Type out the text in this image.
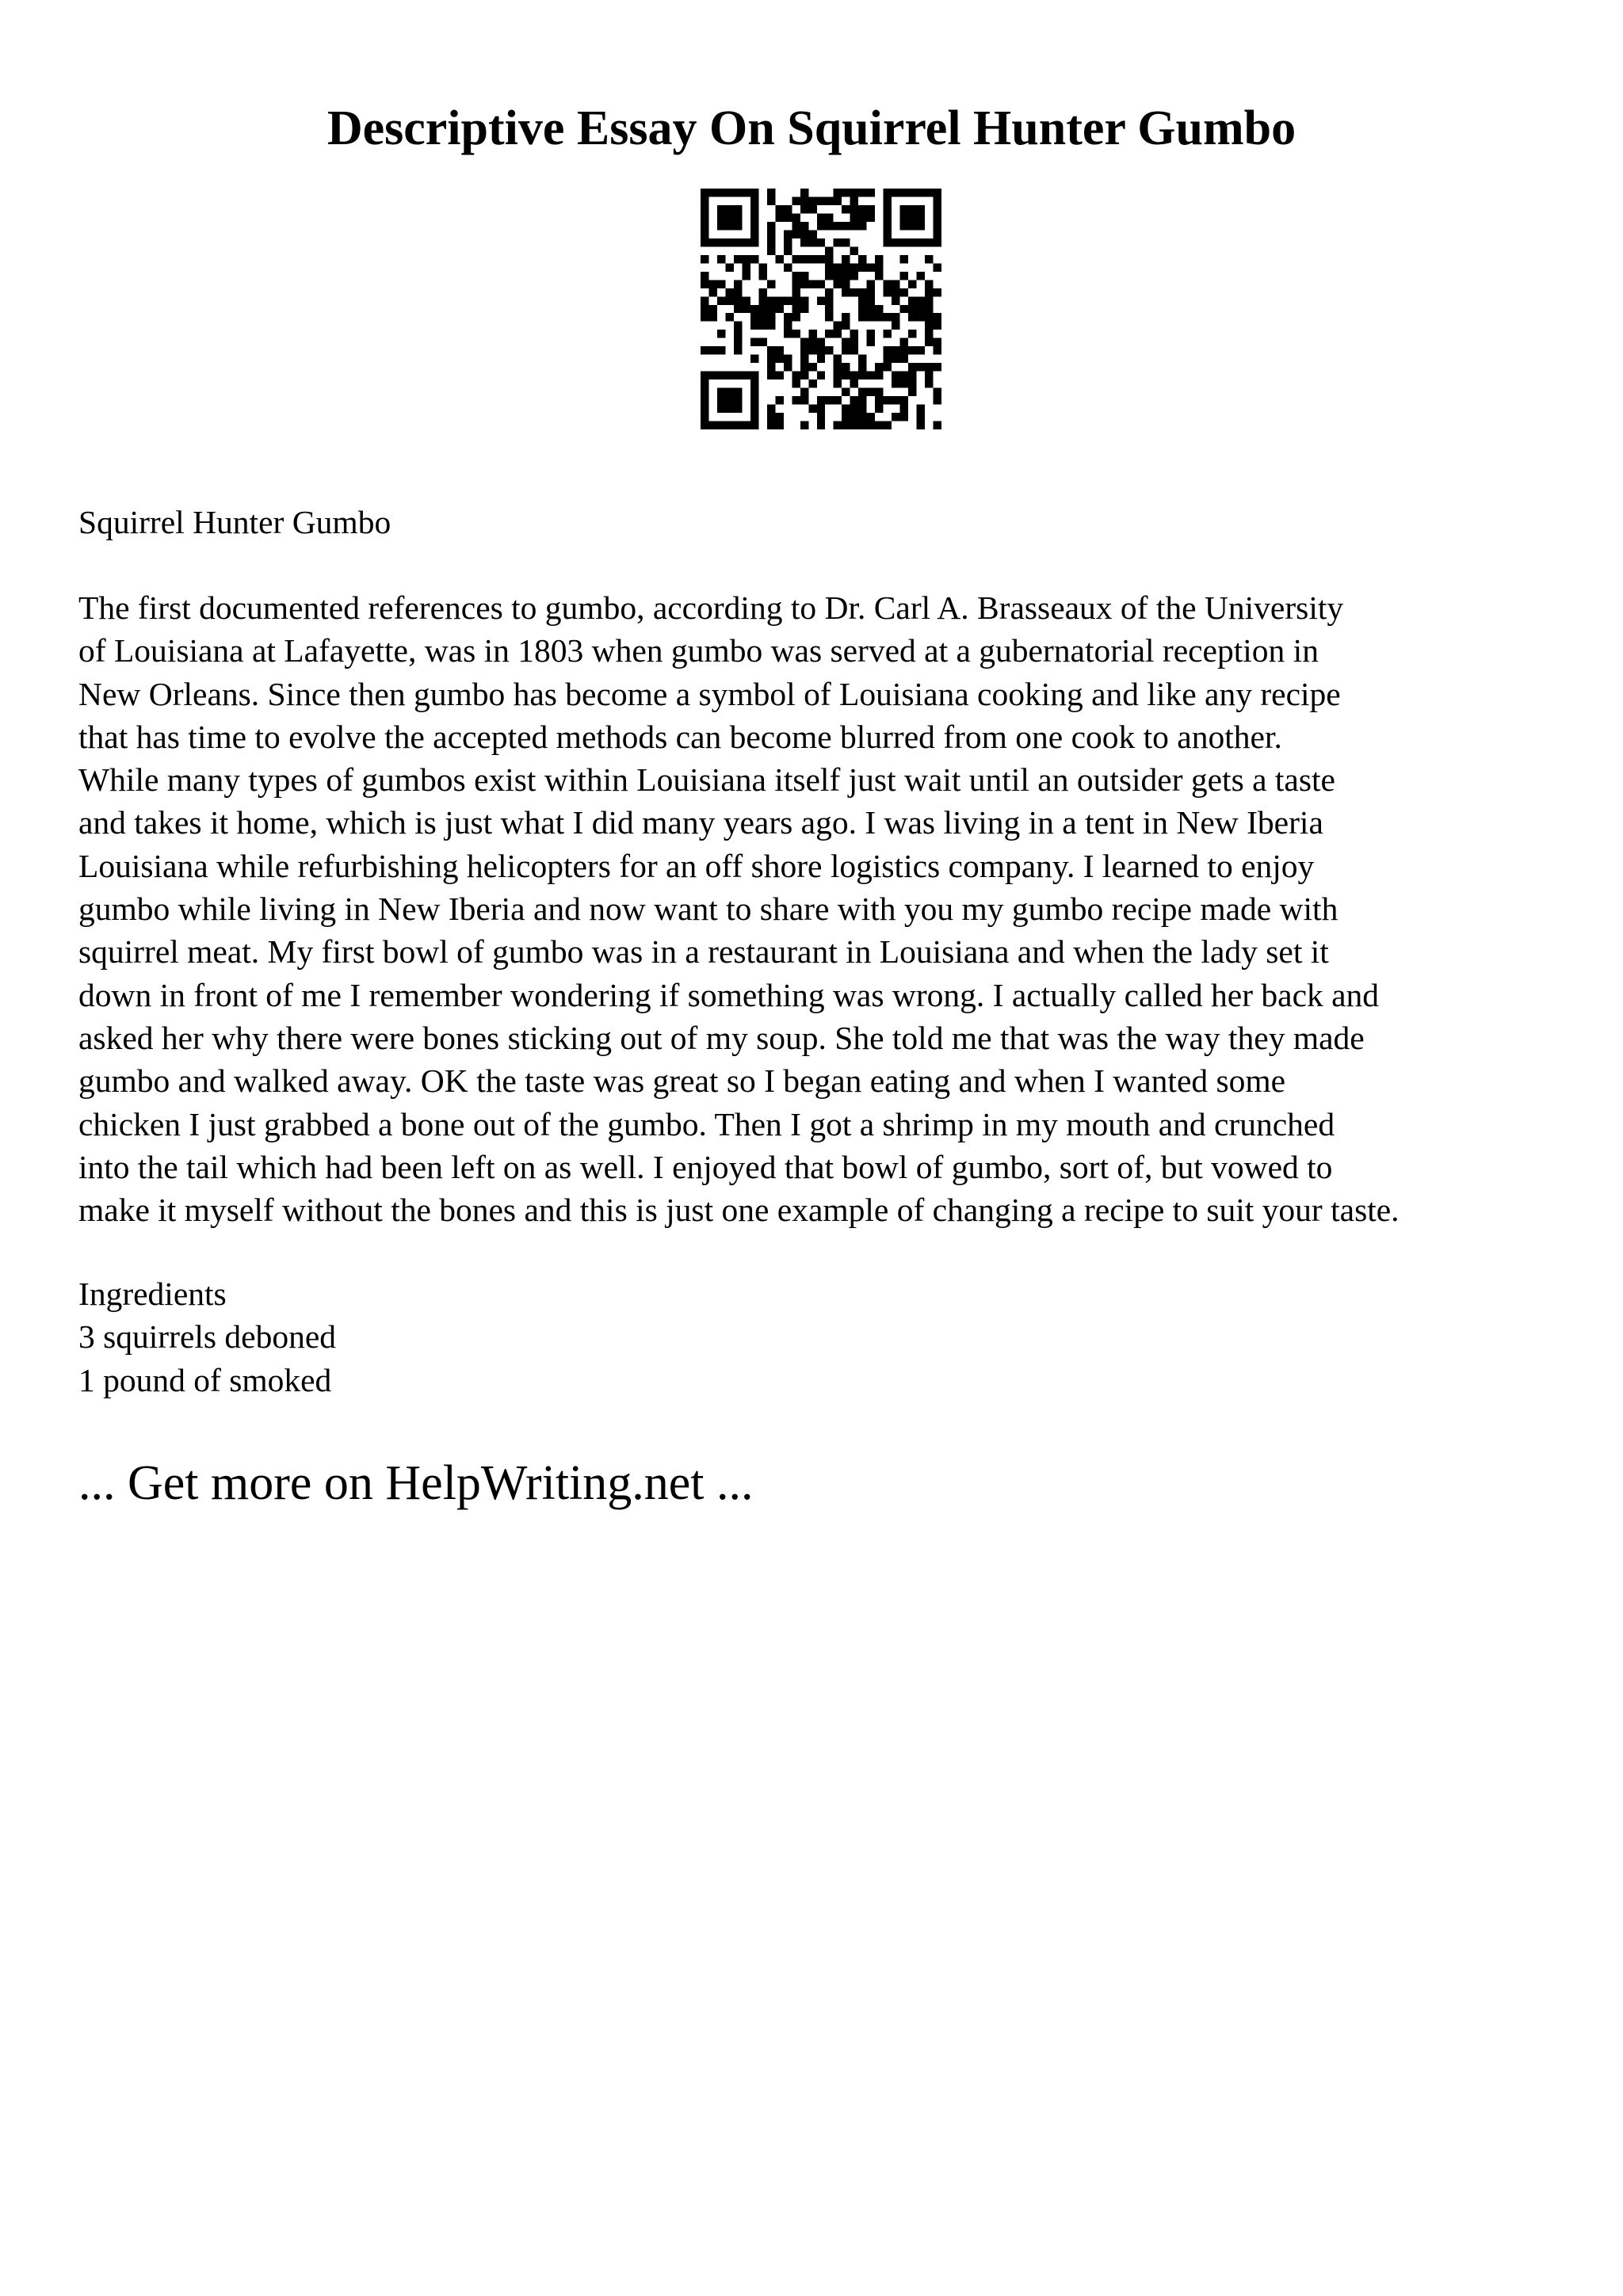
Descriptive Essay On Squirrel Hunter Gumbo
Squirrel Hunter Gumbo
The first documented references to gumbo, according to Dr. Carl A. Brasseaux of the University
of Louisiana at Lafayette, was in 1803 when gumbo was served at a gubernatorial reception in
New Orleans. Since then gumbo has become a symbol of Louisiana cooking and like any recipe
that has time to evolve the accepted methods can become blurred from one cook to another.
While many types of gumbos exist within Louisiana itself just wait until an outsider gets a taste
and takes it home, which is just what I did many years ago. I was living in a tent in New Iberia
Louisiana while refurbishing helicopters for an off shore logistics company. I learned to enjoy
gumbo while living in New Iberia and now want to share with you my gumbo recipe made with
squirrel meat. My first bowl of gumbo was in a restaurant in Louisiana and when the lady set it
down in front of me I remember wondering if something was wrong. I actually called her back and
asked her why there were bones sticking out of my soup. She told me that was the way they made
gumbo and walked away. OK the taste was great so I began eating and when I wanted some
chicken I just grabbed a bone out of the gumbo. Then I got a shrimp in my mouth and crunched
into the tail which had been left on as well. I enjoyed that bowl of gumbo, sort of, but vowed to
make it myself without the bones and this is just one example of changing a recipe to suit your taste.
Ingredients
3 squirrels deboned
1 pound of smoked
... Get more on HelpWriting.net ...
